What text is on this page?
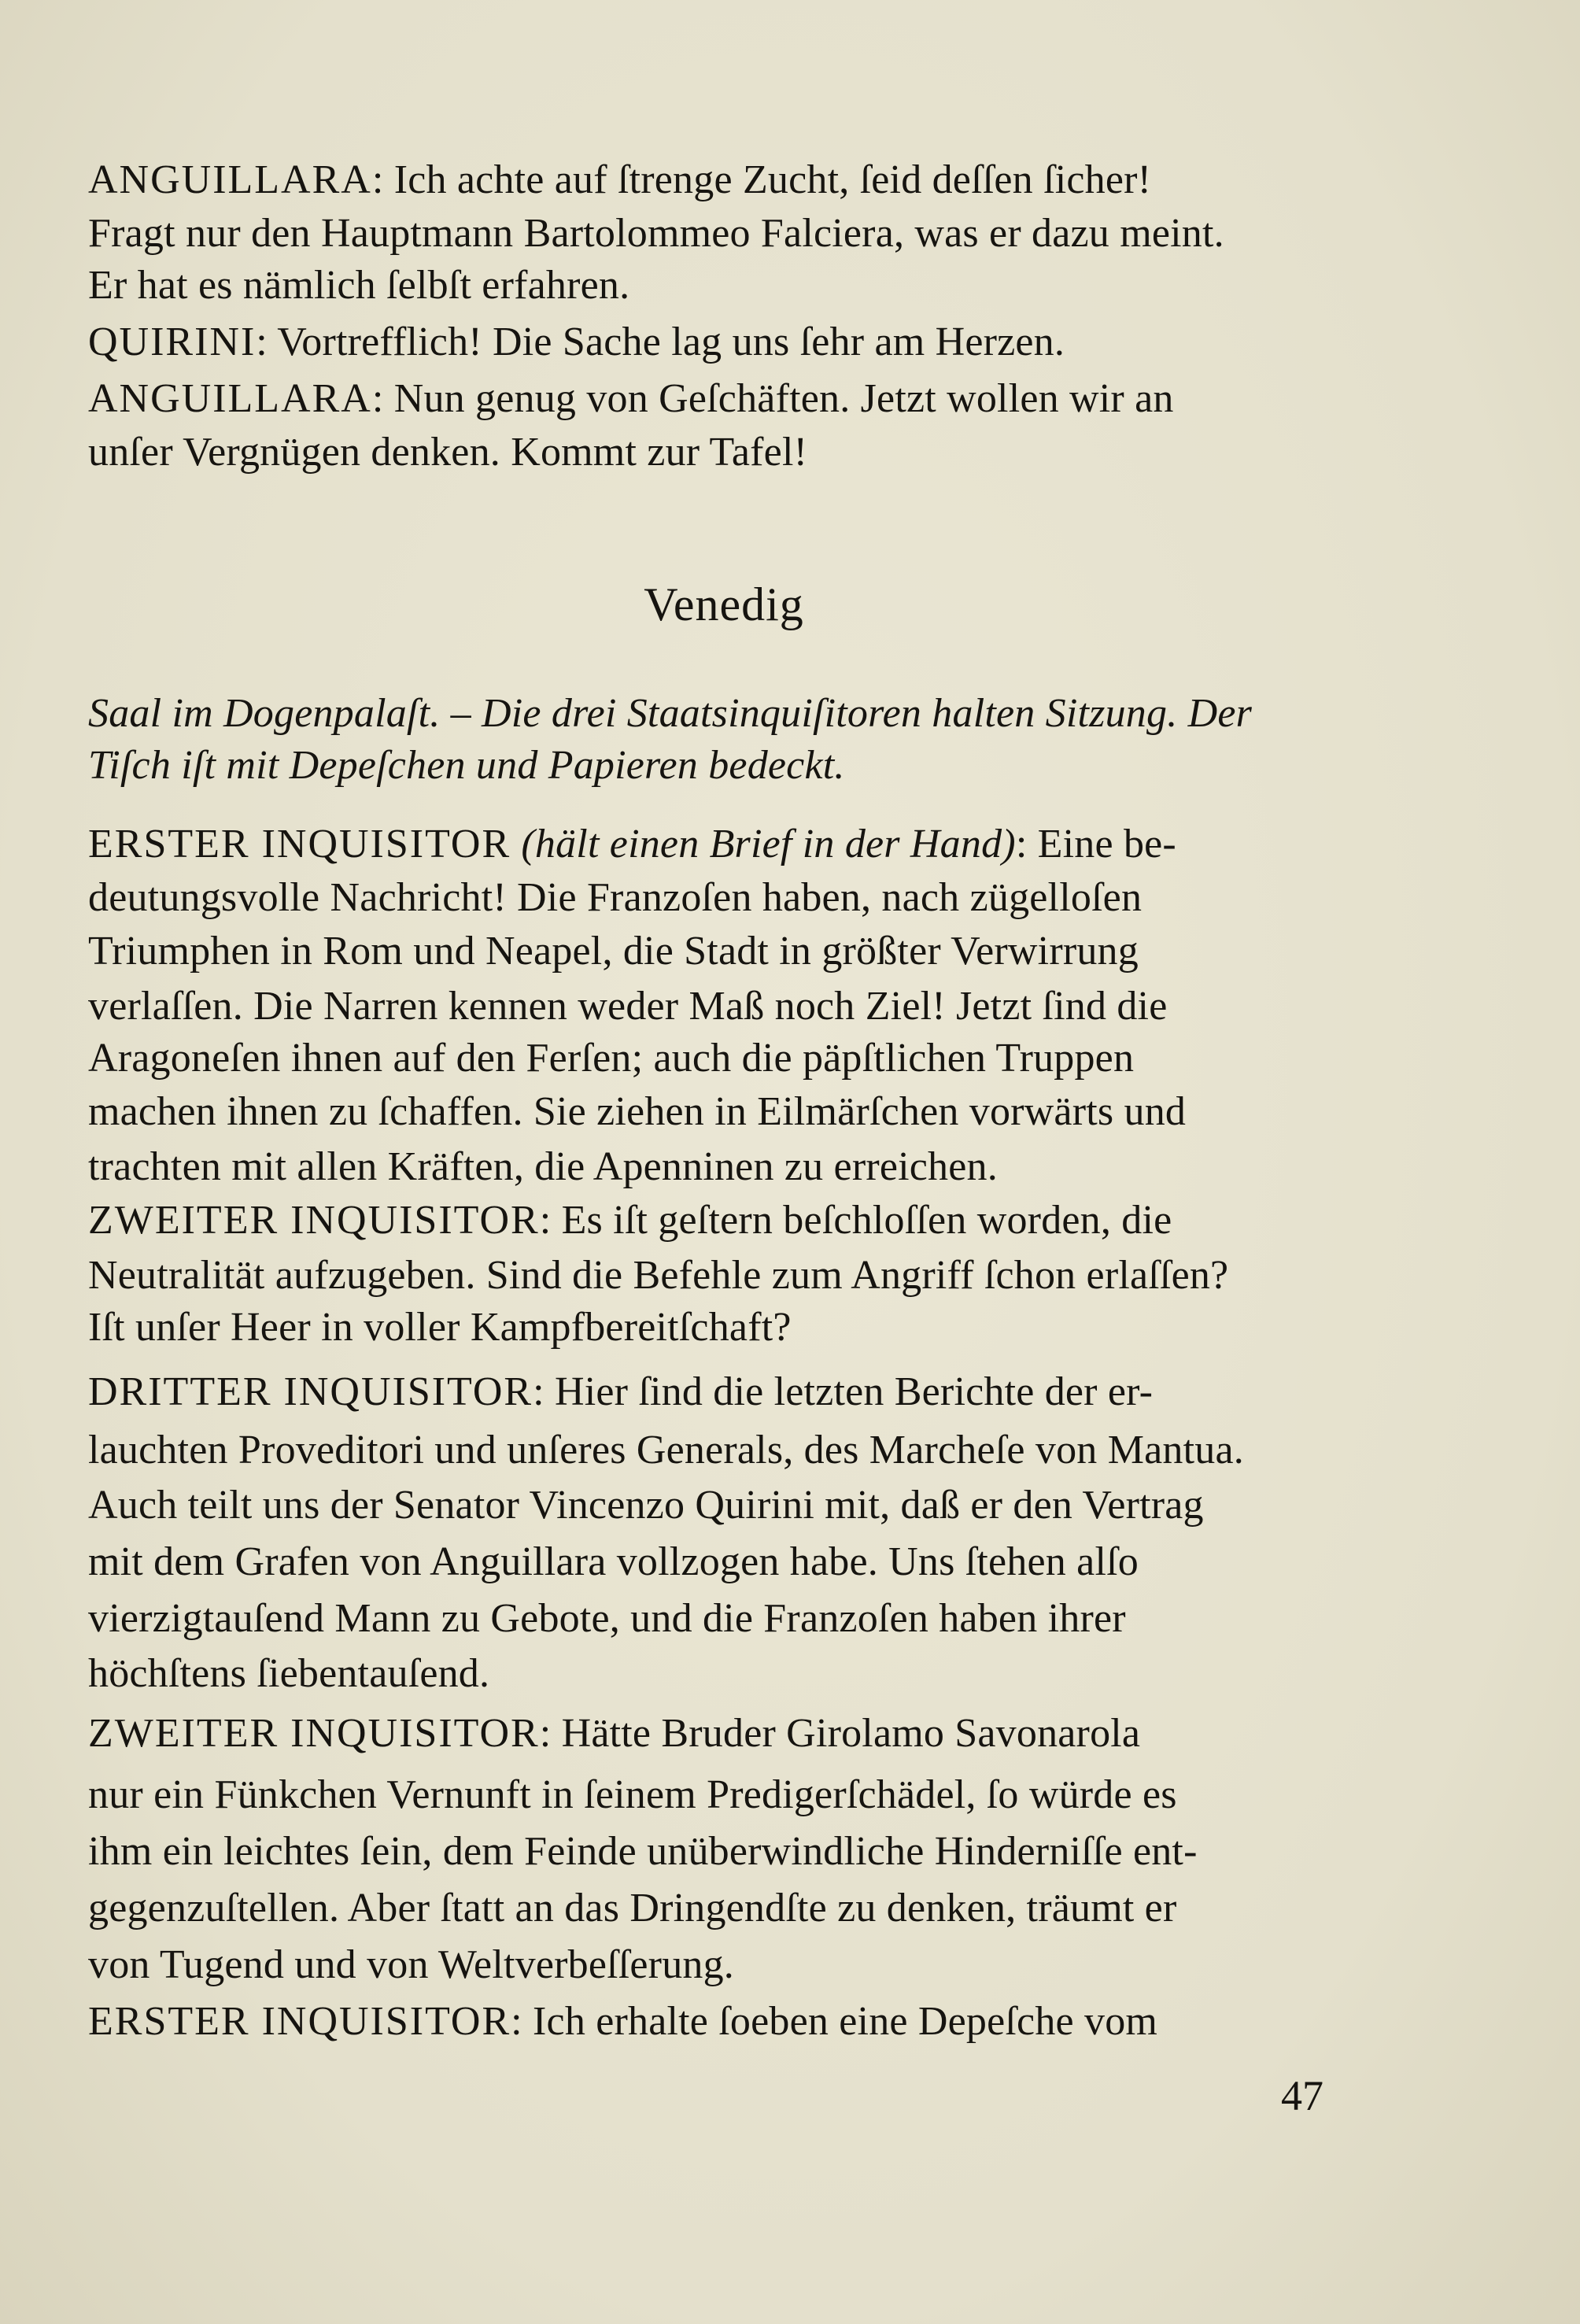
ANGUILLARA: Ich achte auf ſtrenge Zucht, ſeid deſſen ſicher!
Fragt nur den Hauptmann Bartolommeo Falciera, was er dazu meint.
Er hat es nämlich ſelbſt erfahren.
QUIRINI: Vortrefflich! Die Sache lag uns ſehr am Herzen.
ANGUILLARA: Nun genug von Geſchäften. Jetzt wollen wir an
unſer Vergnügen denken. Kommt zur Tafel!
Venedig
Saal im Dogenpalaſt. – Die drei Staatsinquiſitoren halten Sitzung. Der
Tiſch iſt mit Depeſchen und Papieren bedeckt.
ERSTER INQUISITOR (hält einen Brief in der Hand): Eine be-
deutungsvolle Nachricht! Die Franzoſen haben, nach zügelloſen
Triumphen in Rom und Neapel, die Stadt in größter Verwirrung
verlaſſen. Die Narren kennen weder Maß noch Ziel! Jetzt ſind die
Aragoneſen ihnen auf den Ferſen; auch die päpſtlichen Truppen
machen ihnen zu ſchaffen. Sie ziehen in Eilmärſchen vorwärts und
trachten mit allen Kräften, die Apenninen zu erreichen.
ZWEITER INQUISITOR: Es iſt geſtern beſchloſſen worden, die
Neutralität aufzugeben. Sind die Befehle zum Angriff ſchon erlaſſen?
Iſt unſer Heer in voller Kampfbereitſchaft?
DRITTER INQUISITOR: Hier ſind die letzten Berichte der er-
lauchten Proveditori und unſeres Generals, des Marcheſe von Mantua.
Auch teilt uns der Senator Vincenzo Quirini mit, daß er den Vertrag
mit dem Grafen von Anguillara vollzogen habe. Uns ſtehen alſo
vierzigtauſend Mann zu Gebote, und die Franzoſen haben ihrer
höchſtens ſiebentauſend.
ZWEITER INQUISITOR: Hätte Bruder Girolamo Savonarola
nur ein Fünkchen Vernunft in ſeinem Predigerſchädel, ſo würde es
ihm ein leichtes ſein, dem Feinde unüberwindliche Hinderniſſe ent-
gegenzuſtellen. Aber ſtatt an das Dringendſte zu denken, träumt er
von Tugend und von Weltverbeſſerung.
ERSTER INQUISITOR: Ich erhalte ſoeben eine Depeſche vom
47
